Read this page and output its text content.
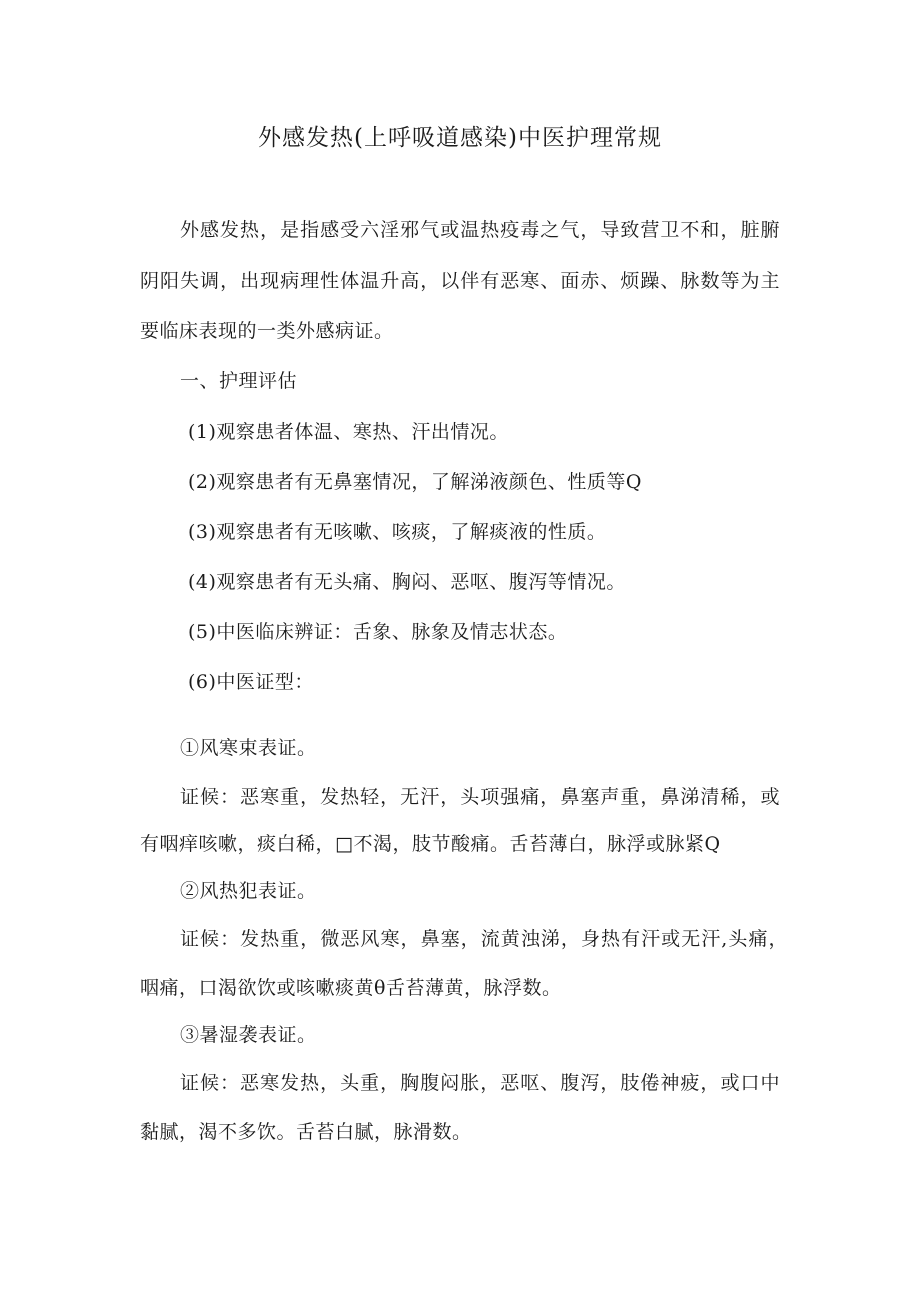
外感发热(上呼吸道感染)中医护理常规

外感发热，是指感受六淫邪气或温热疫毒之气，导致营卫不和，脏腑

阴阳失调，出现病理性体温升高，以伴有恶寒、面赤、烦躁、脉数等为主

要临床表现的一类外感病证。

一、护理评估

(1)观察患者体温、寒热、汗出情况。

(2)观察患者有无鼻塞情况，了解涕液颜色、性质等Q

(3)观察患者有无咳嗽、咳痰，了解痰液的性质。

(4)观察患者有无头痛、胸闷、恶呕、腹泻等情况。

(5)中医临床辨证：舌象、脉象及情志状态。

(6)中医证型：

①风寒束表证。

证候：恶寒重，发热轻，无汗，头项强痛，鼻塞声重，鼻涕清稀，或

有咽痒咳嗽，痰白稀，□不渴，肢节酸痛。舌苔薄白，脉浮或脉紧Q

②风热犯表证。

证候：发热重，微恶风寒，鼻塞，流黄浊涕，身热有汗或无汗,头痛，

咽痛，口渴欲饮或咳嗽痰黄θ舌苔薄黄，脉浮数。

③暑湿袭表证。

证候：恶寒发热，头重，胸腹闷胀，恶呕、腹泻，肢倦神疲，或口中

黏腻，渴不多饮。舌苔白腻，脉滑数。
